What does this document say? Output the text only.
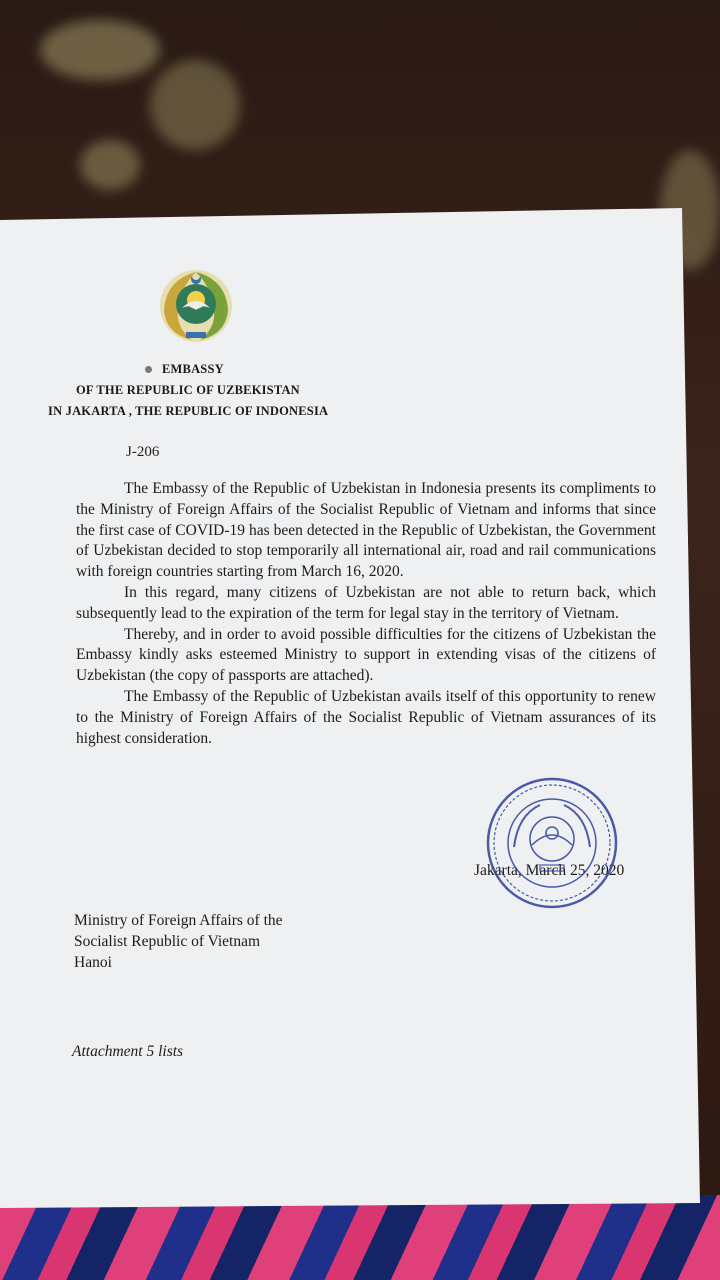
EMBASSY
OF THE REPUBLIC OF UZBEKISTAN
IN JAKARTA , THE REPUBLIC OF INDONESIA
J-206

The Embassy of the Republic of Uzbekistan in Indonesia presents its compliments to the Ministry of Foreign Affairs of the Socialist Republic of Vietnam and informs that since the first case of COVID-19 has been detected in the Republic of Uzbekistan, the Government of Uzbekistan decided to stop temporarily all international air, road and rail communications with foreign countries starting from March 16, 2020.

In this regard, many citizens of Uzbekistan are not able to return back, which subsequently lead to the expiration of the term for legal stay in the territory of Vietnam.

Thereby, and in order to avoid possible difficulties for the citizens of Uzbekistan the Embassy kindly asks esteemed Ministry to support in extending visas of the citizens of Uzbekistan (the copy of passports are attached).

The Embassy of the Republic of Uzbekistan avails itself of this opportunity to renew to the Ministry of Foreign Affairs of the Socialist Republic of Vietnam assurances of its highest consideration.

Jakarta, March 25, 2020
Ministry of Foreign Affairs of the
Socialist Republic of Vietnam
Hanoi
Attachment 5 lists
